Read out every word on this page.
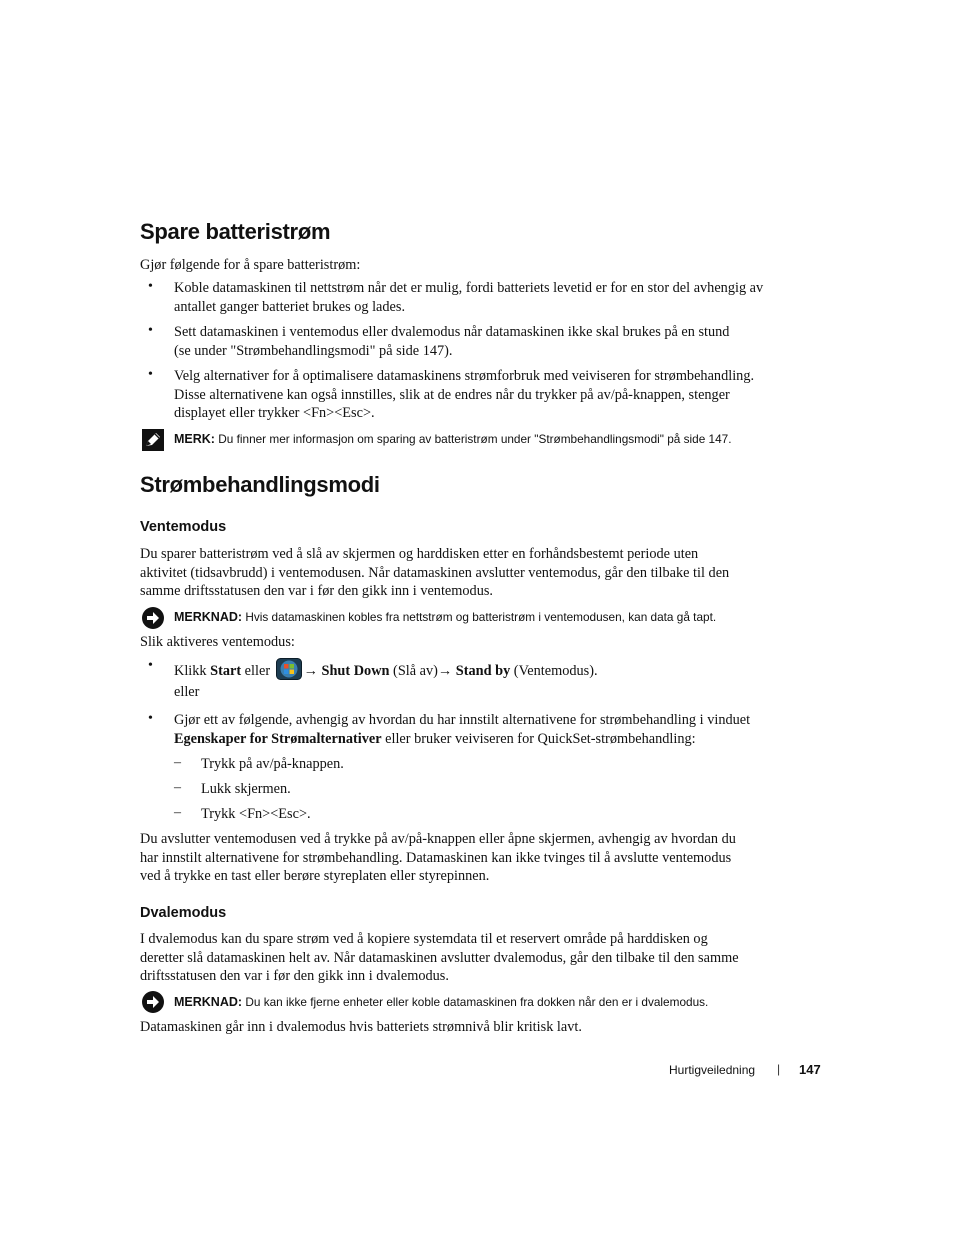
Spare batteristrøm
Gjør følgende for å spare batteristrøm:
• Koble datamaskinen til nettstrøm når det er mulig, fordi batteriets levetid er for en stor del avhengig av
antallet ganger batteriet brukes og lades.
• Sett datamaskinen i ventemodus eller dvalemodus når datamaskinen ikke skal brukes på en stund
(se under "Strømbehandlingsmodi" på side 147).
• Velg alternativer for å optimalisere datamaskinens strømforbruk med veiviseren for strømbehandling.
Disse alternativene kan også innstilles, slik at de endres når du trykker på av/på-knappen, stenger
displayet eller trykker <Fn><Esc>.
MERK: Du finner mer informasjon om sparing av batteristrøm under "Strømbehandlingsmodi" på side 147.
Strømbehandlingsmodi
Ventemodus
Du sparer batteristrøm ved å slå av skjermen og harddisken etter en forhåndsbestemt periode uten
aktivitet (tidsavbrudd) i ventemodusen. Når datamaskinen avslutter ventemodus, går den tilbake til den
samme driftsstatusen den var i før den gikk inn i ventemodus.
MERKNAD: Hvis datamaskinen kobles fra nettstrøm og batteristrøm i ventemodusen, kan data gå tapt.
Slik aktiveres ventemodus:
• Klikk Start eller → Shut Down (Slå av)→ Stand by (Ventemodus).
eller
• Gjør ett av følgende, avhengig av hvordan du har innstilt alternativene for strømbehandling i vinduet
Egenskaper for Strømalternativer eller bruker veiviseren for QuickSet-strømbehandling:
– Trykk på av/på-knappen.
– Lukk skjermen.
– Trykk <Fn><Esc>.
Du avslutter ventemodusen ved å trykke på av/på-knappen eller åpne skjermen, avhengig av hvordan du
har innstilt alternativene for strømbehandling. Datamaskinen kan ikke tvinges til å avslutte ventemodus
ved å trykke en tast eller berøre styreplaten eller styrepinnen.
Dvalemodus
I dvalemodus kan du spare strøm ved å kopiere systemdata til et reservert område på harddisken og
deretter slå datamaskinen helt av. Når datamaskinen avslutter dvalemodus, går den tilbake til den samme
driftsstatusen den var i før den gikk inn i dvalemodus.
MERKNAD: Du kan ikke fjerne enheter eller koble datamaskinen fra dokken når den er i dvalemodus.
Datamaskinen går inn i dvalemodus hvis batteriets strømnivå blir kritisk lavt.
Hurtigveiledning | 147
